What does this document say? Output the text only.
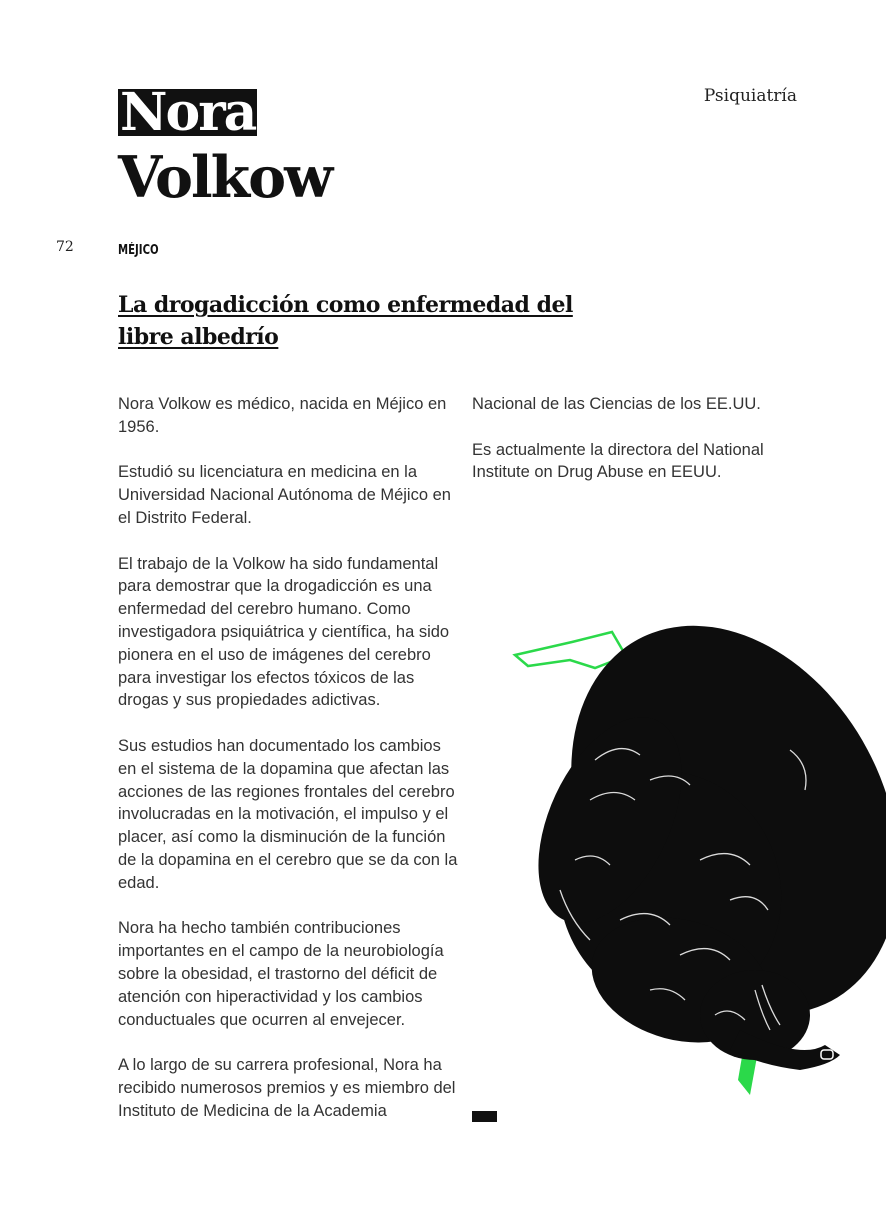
Nora
Volkow
Psiquiatría
72	MÉJICO
La drogadicción como enfermedad del
libre albedrío

Nora Volkow es médico, nacida en Méjico en 1956.

Estudió su licenciatura en medicina en la Universidad Nacional Autónoma de Méjico en el Distrito Federal.

El trabajo de la Volkow ha sido fundamental para demostrar que la drogadicción es una enfermedad del cerebro humano. Como investigadora psiquiátrica y científica, ha sido pionera en el uso de imágenes del cerebro para investigar los efectos tóxicos de las drogas y sus propiedades adictivas.

Sus estudios han documentado los cambios en el sistema de la dopamina que afectan las acciones de las regiones frontales del cerebro involucradas en la motivación, el impulso y el placer, así como la disminución de la función de la dopamina en el cerebro que se da con la edad.

Nora ha hecho también contribuciones importantes en el campo de la neurobiología sobre la obesidad, el trastorno del déficit de atención con hiperactividad y los cambios conductuales que ocurren al envejecer.

A lo largo de su carrera profesional, Nora ha recibido numerosos premios y es miembro del Instituto de Medicina de la Academia

Nacional de las Ciencias de los EE.UU.

Es actualmente la directora del National Institute on Drug Abuse en EEUU.
